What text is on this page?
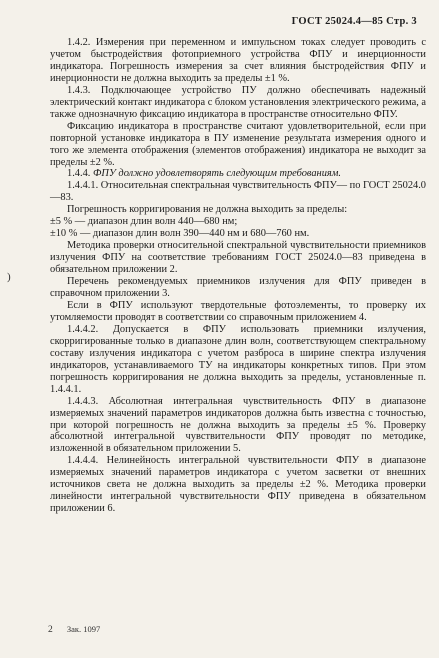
ГОСТ 25024.4—85 Стр. 3
)

1.4.2. Измерения при переменном и импульсном токах следует проводить с учетом быстродействия фотоприемного устройства ФПУ и инерционности индикатора. Погрешность измерения за счет влияния быстродействия ФПУ и инерционности не должна выходить за пределы ±1 %.

1.4.3. Подключающее устройство ПУ должно обеспечивать надежный электрический контакт индикатора с блоком установления электрического режима, а также однозначную фиксацию индикатора в пространстве относительно ФПУ.

Фиксацию индикатора в пространстве считают удовлетворительной, если при повторной установке индикатора в ПУ изменение результата измерения одного и того же элемента отображения (элементов отображения) индикатора не выходит за пределы ±2 %.

1.4.4. ФПУ должно удовлетворять следующим требованиям.

1.4.4.1. Относительная спектральная чувствительность ФПУ— по ГОСТ 25024.0—83.

Погрешность корригирования не должна выходить за пределы:

±5 % — диапазон длин волн 440—680 нм;

±10 % — диапазон длин волн 390—440 нм и 680—760 нм.

Методика проверки относительной спектральной чувствительности приемников излучения ФПУ на соответствие требованиям ГОСТ 25024.0—83 приведена в обязательном приложении 2.

Перечень рекомендуемых приемников излучения для ФПУ приведен в справочном приложении 3.

Если в ФПУ используют твердотельные фотоэлементы, то проверку их утомляемости проводят в соответствии со справочным приложением 4.

1.4.4.2. Допускается в ФПУ использовать приемники излучения, скорригированные только в диапазоне длин волн, соответствующем спектральному составу излучения индикатора с учетом разброса в ширине спектра излучения индикаторов, устанавливаемого ТУ на индикаторы конкретных типов. При этом погрешность корригирования не должна выходить за пределы, установленные п. 1.4.4.1.

1.4.4.3. Абсолютная интегральная чувствительность ФПУ в диапазоне измеряемых значений параметров индикаторов должна быть известна с точностью, при которой погрешность не должна выходить за пределы ±5 %. Проверку абсолютной интегральной чувствительности ФПУ проводят по методике, изложенной в обязательном приложении 5.

1.4.4.4. Нелинейность интегральной чувствительности ФПУ в диапазоне измеряемых значений параметров индикатора с учетом засветки от внешних источников света не должна выходить за пределы ±2 %. Методика проверки линейности интегральной чувствительности ФПУ приведена в обязательном приложении 6.

2 Зак. 1097
